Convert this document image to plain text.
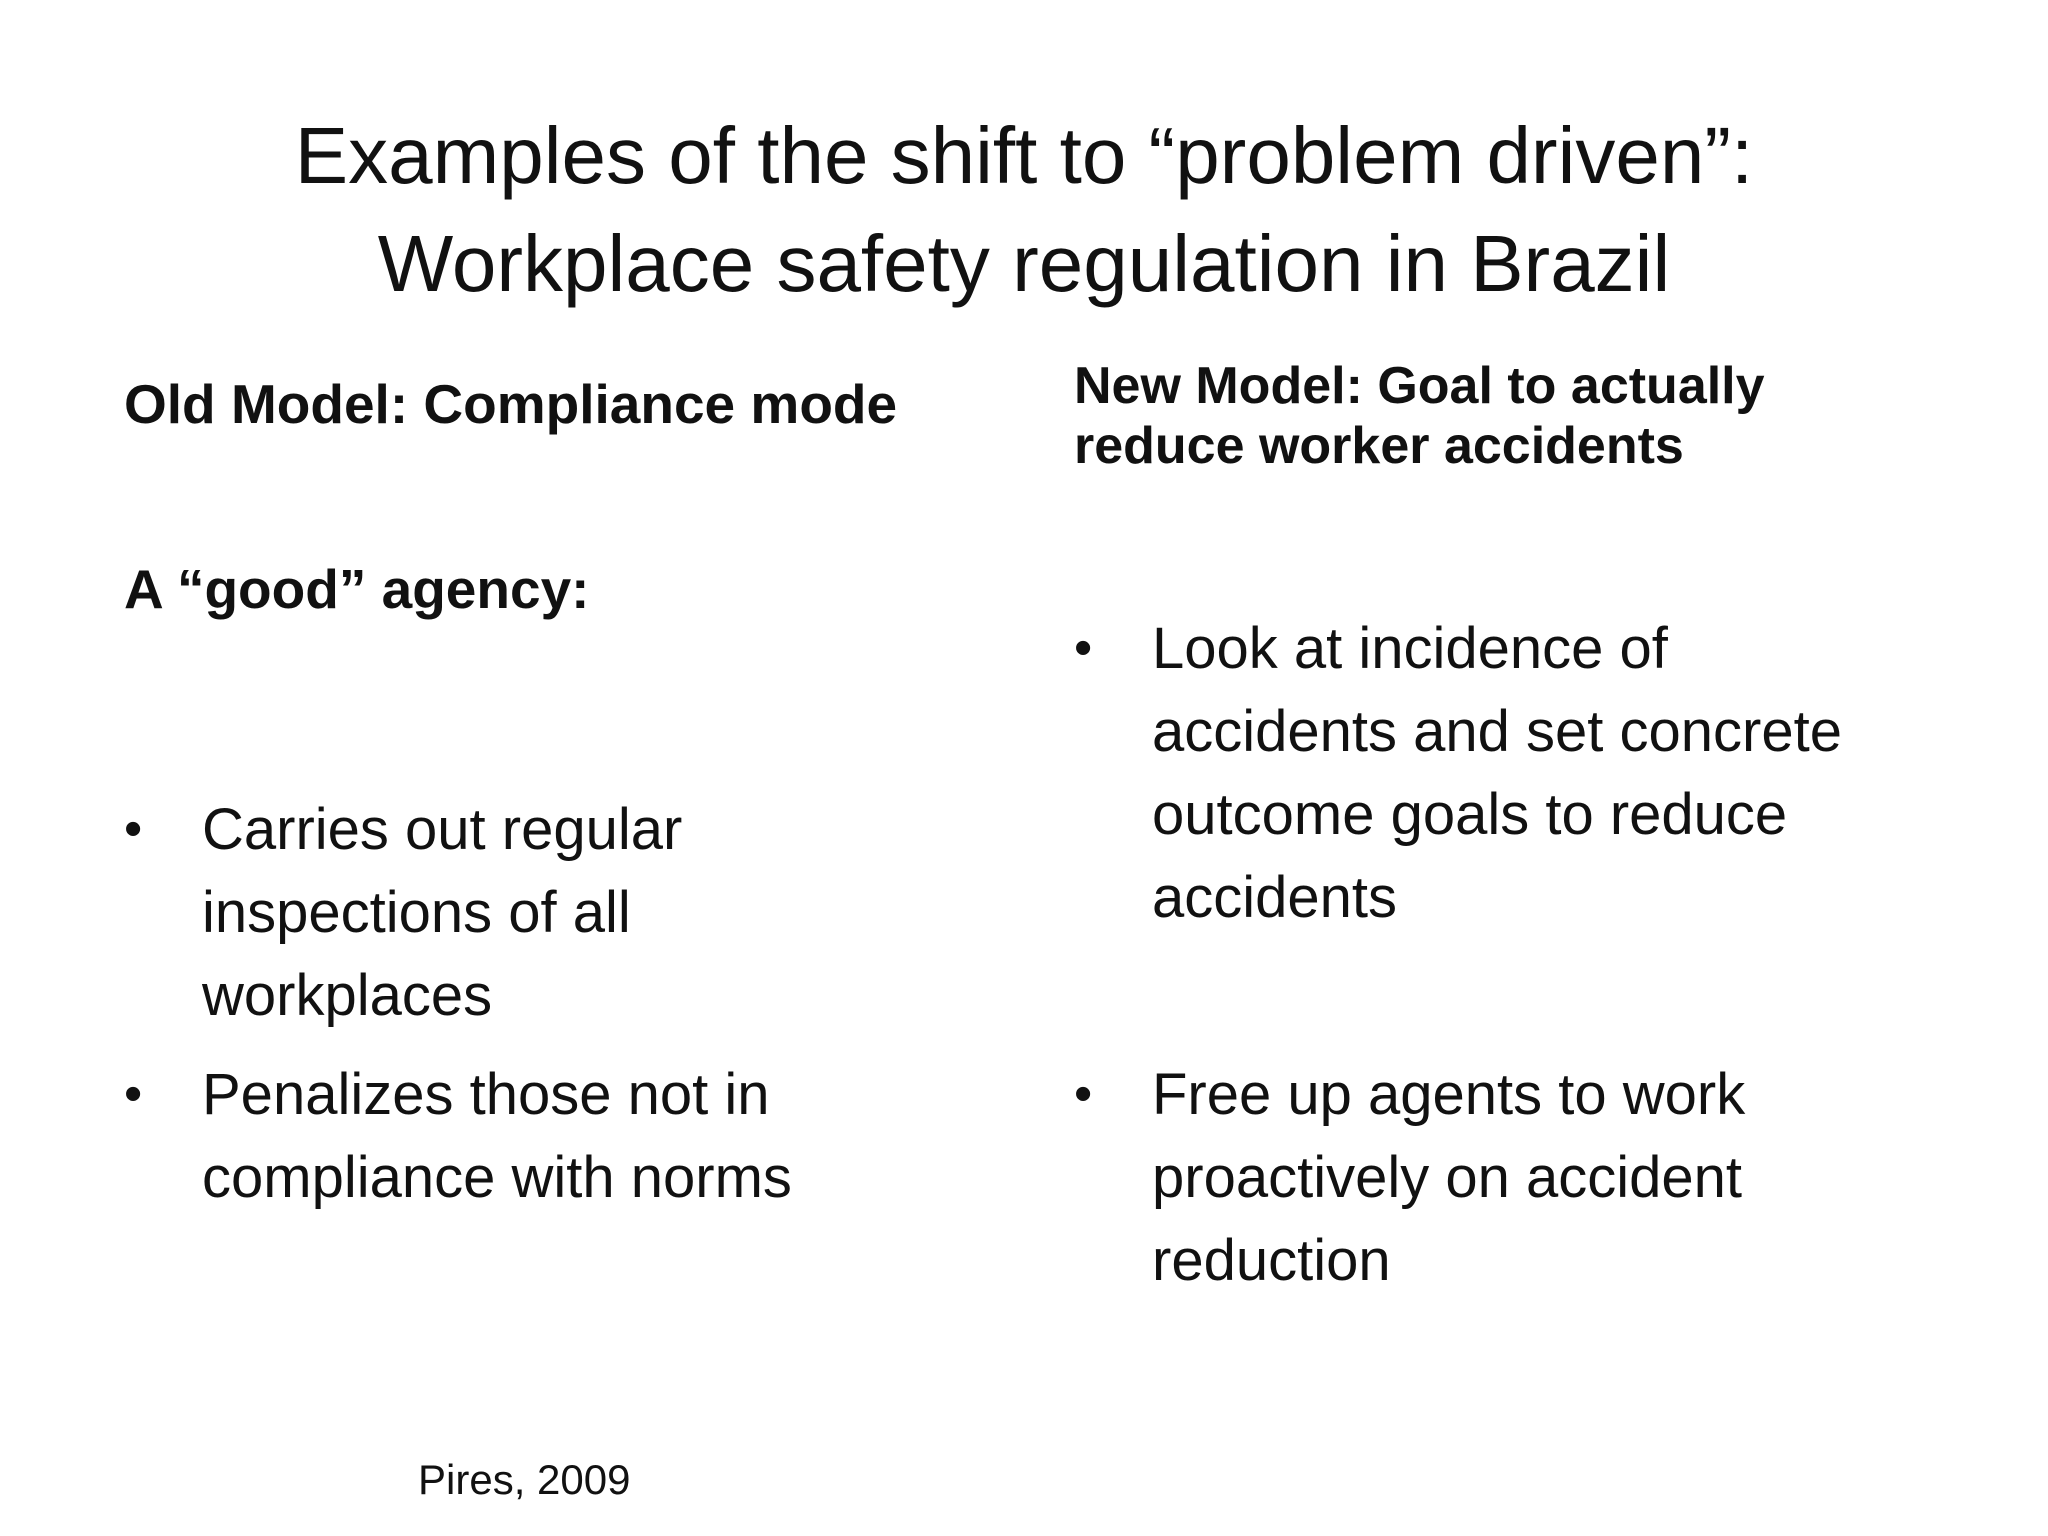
Examples of the shift to “problem driven”:
Workplace safety regulation in Brazil
Old Model: Compliance mode
A “good” agency:
•	Carries out regular
inspections of all
workplaces
•	Penalizes those not in
compliance with norms
New Model: Goal to actually
reduce worker accidents
•	Look at incidence of
accidents and set concrete
outcome goals to reduce
accidents
•	Free up agents to work
proactively on accident
reduction
Pires, 2009
